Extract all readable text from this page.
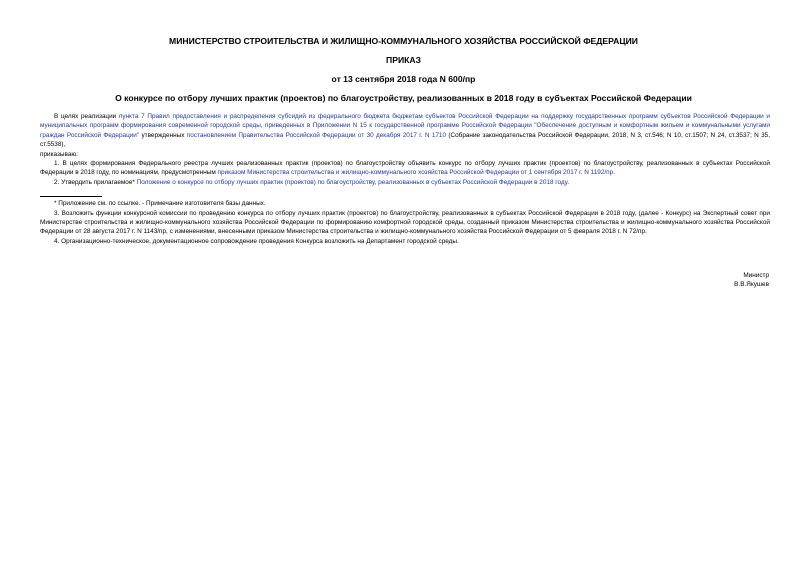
МИНИСТЕРСТВО СТРОИТЕЛЬСТВА И ЖИЛИЩНО-КОММУНАЛЬНОГО ХОЗЯЙСТВА РОССИЙСКОЙ ФЕДЕРАЦИИ
ПРИКАЗ
от 13 сентября 2018 года N 600/пр
О конкурсе по отбору лучших практик (проектов) по благоустройству, реализованных в 2018 году в субъектах Российской Федерации

В целях реализации пункта 7 Правил предоставления и распределения субсидий из федерального бюджета бюджетам субъектов Российской Федерации на поддержку государственных программ субъектов Российской Федерации и муниципальных программ формирования современной городской среды, приведенных в Приложении N 15 к государственной программе Российской Федерации "Обеспечение доступным и комфортным жильем и коммунальными услугами граждан Российской Федерации" утвержденных постановлением Правительства Российской Федерации от 30 декабря 2017 г. N 1710 (Собрание законодательства Российской Федерации, 2018, N 3, ст.546; N 10, ст.1507; N 24, ст.3537; N 35, ст.5538),

приказываю:

1. В целях формирования Федерального реестра лучших реализованных практик (проектов) по благоустройству объявить конкурс по отбору лучших практик (проектов) по благоустройству, реализованных в субъектах Российской Федерации в 2018 году, по номинациям, предусмотренным приказом Министерства строительства и жилищно-коммунального хозяйства Российской Федерации от 1 сентября 2017 г. N 1192/пр.

2. Утвердить прилагаемое* Положение о конкурсе по отбору лучших практик (проектов) по благоустройству, реализованных в субъектах Российской Федерации в 2018 году.

* Приложение см. по ссылке. - Примечание изготовителя базы данных.

3. Возложить функции конкурсной комиссии по проведению конкурса по отбору лучших практик (проектов) по благоустройству, реализованных в субъектах Российской Федерации в 2018 году, (далее - Конкурс) на Экспертный совет при Министерстве строительства и жилищно-коммунального хозяйства Российской Федерации по формированию комфортной городской среды, созданный приказом Министерства строительства и жилищно-коммунального хозяйства Российской Федерации от 28 августа 2017 г. N 1143/пр, с изменениями, внесенными приказом Министерства строительства и жилищно-коммунального хозяйства Российской Федерации от 5 февраля 2018 г. N 72/пр.

4. Организационно-техническое, документационное сопровождение проведения Конкурса возложить на Департамент городской среды.

Министр
В.В.Якушев
